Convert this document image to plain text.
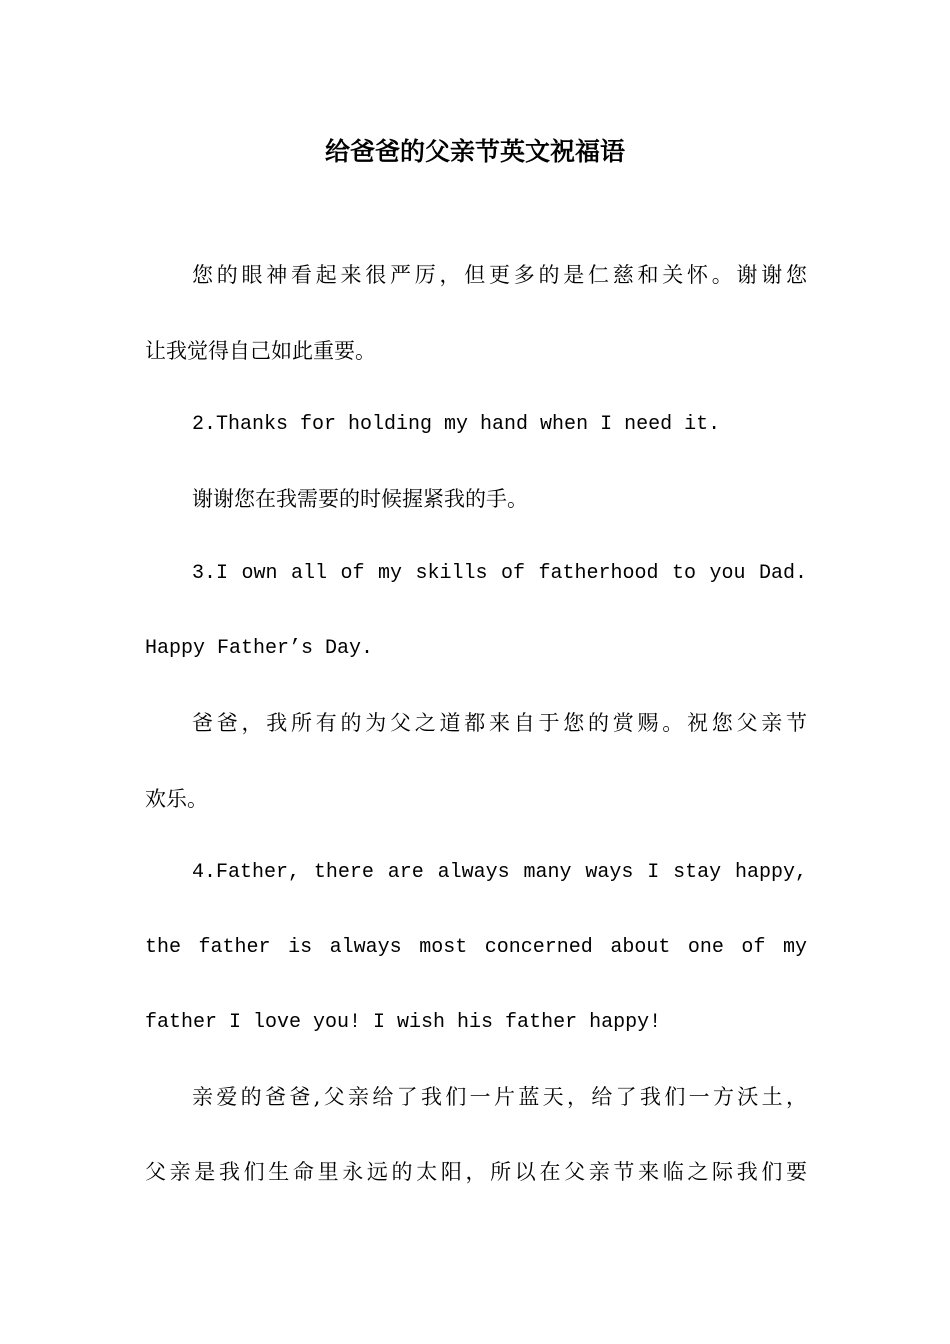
给爸爸的父亲节英文祝福语
您的眼神看起来很严厉，但更多的是仁慈和关怀。谢谢您
让我觉得自己如此重要。
2.Thanks for holding my hand when I need it.
谢谢您在我需要的时候握紧我的手。
3.I own all of my skills of fatherhood to you Dad.
Happy Father’s Day.
爸爸，我所有的为父之道都来自于您的赏赐。祝您父亲节
欢乐。
4.Father, there are always many ways I stay happy,
the father is always most concerned about one of my
father I love you! I wish his father happy!
亲爱的爸爸,父亲给了我们一片蓝天，给了我们一方沃土，
父亲是我们生命里永远的太阳，所以在父亲节来临之际我们要
